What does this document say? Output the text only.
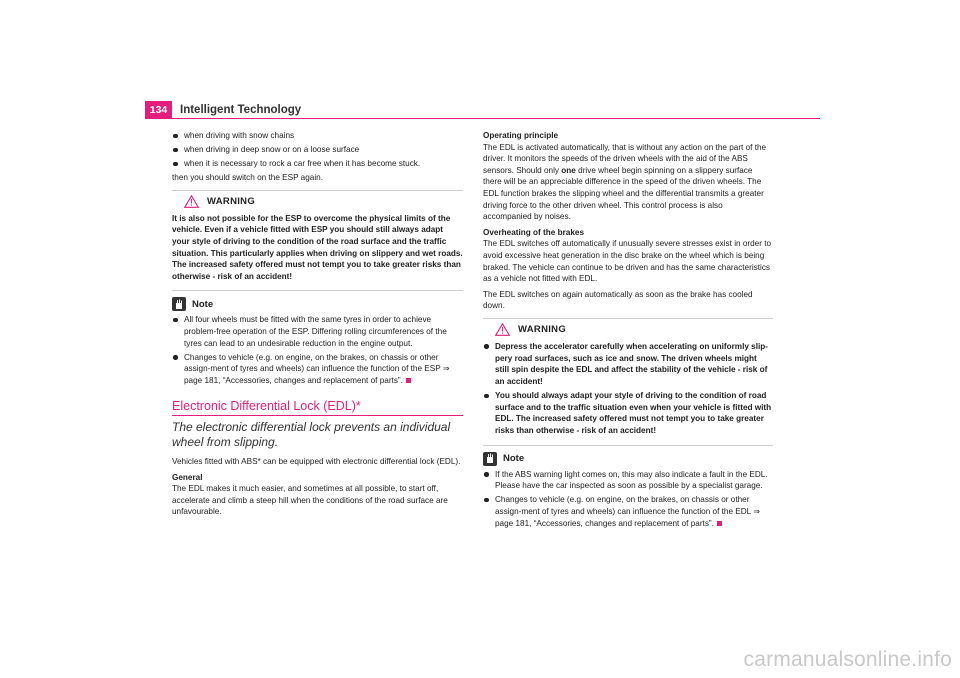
134	Intelligent Technology
when driving with snow chains
when driving in deep snow or on a loose surface
when it is necessary to rock a car free when it has become stuck.

then you should switch on the ESP again.

WARNING

It is also not possible for the ESP to overcome the physical limits of the vehicle. Even if a vehicle fitted with ESP you should still always adapt your style of driving to the condition of the road surface and the traffic situation. This particularly applies when driving on slippery and wet roads. The increased safety offered must not tempt you to take greater risks than otherwise - risk of an accident!

Note
All four wheels must be fitted with the same tyres in order to achieve problem-free operation of the ESP. Differing rolling circumferences of the tyres can lead to an undesirable reduction in the engine output.
Changes to vehicle (e.g. on engine, on the brakes, on chassis or other assign-ment of tyres and wheels) can influence the function of the ESP ⇒ page 181, “Accessories, changes and replacement of parts”.
Electronic Differential Lock (EDL)*
The electronic differential lock prevents an individual wheel from slipping.

Vehicles fitted with ABS* can be equipped with electronic differential lock (EDL).

General

The EDL makes it much easier, and sometimes at all possible, to start off, accelerate and climb a steep hill when the conditions of the road surface are unfavourable.

Operating principle

The EDL is activated automatically, that is without any action on the part of the driver. It monitors the speeds of the driven wheels with the aid of the ABS sensors. Should only one drive wheel begin spinning on a slippery surface there will be an appreciable difference in the speed of the driven wheels. The EDL function brakes the slipping wheel and the differential transmits a greater driving force to the other driven wheel. This control process is also accompanied by noises.

Overheating of the brakes

The EDL switches off automatically if unusually severe stresses exist in order to avoid excessive heat generation in the disc brake on the wheel which is being braked. The vehicle can continue to be driven and has the same characteristics as a vehicle not fitted with EDL.

The EDL switches on again automatically as soon as the brake has cooled down.

WARNING
Depress the accelerator carefully when accelerating on uniformly slip-pery road surfaces, such as ice and snow. The driven wheels might still spin despite the EDL and affect the stability of the vehicle - risk of an accident!
You should always adapt your style of driving to the condition of road surface and to the traffic situation even when your vehicle is fitted with EDL. The increased safety offered must not tempt you to take greater risks than otherwise - risk of an accident!
Note
If the ABS warning light comes on, this may also indicate a fault in the EDL. Please have the car inspected as soon as possible by a specialist garage.
Changes to vehicle (e.g. on engine, on the brakes, on chassis or other assign-ment of tyres and wheels) can influence the function of the EDL ⇒ page 181, “Accessories, changes and replacement of parts”.
carmanualsonline.info
